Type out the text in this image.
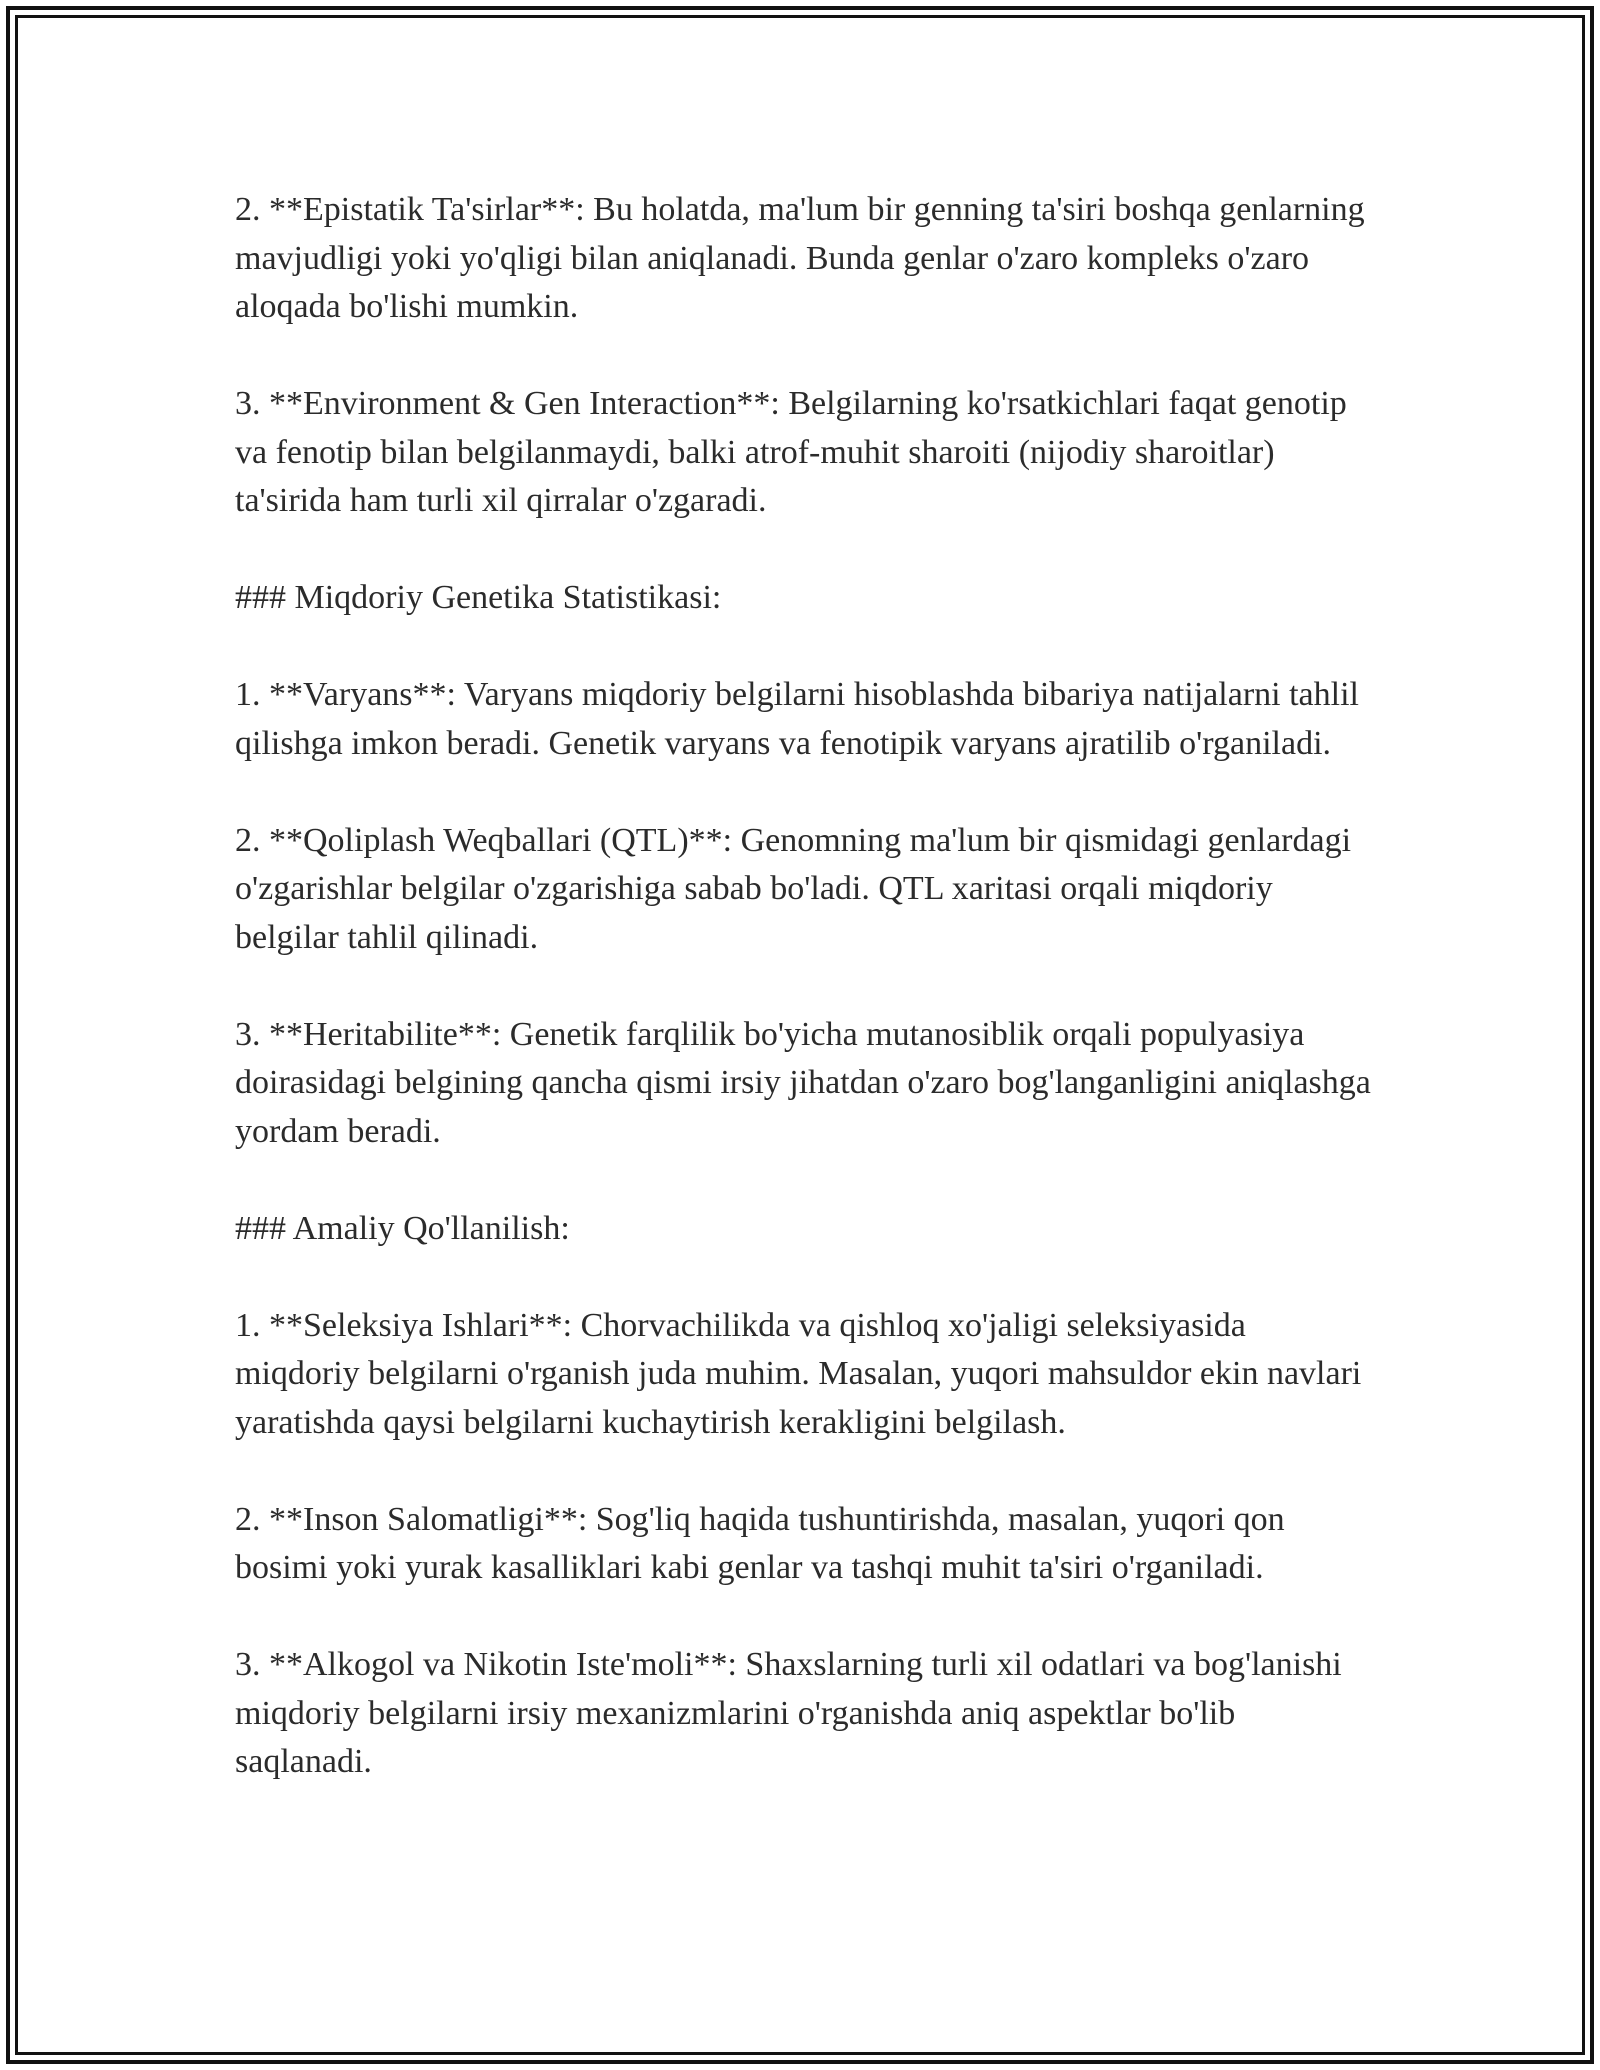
2. **Epistatik Ta'sirlar**: Bu holatda, ma'lum bir genning ta'siri boshqa genlarning mavjudligi yoki yo'qligi bilan aniqlanadi. Bunda genlar o'zaro kompleks o'zaro aloqada bo'lishi mumkin.

3. **Environment & Gen Interaction**: Belgilarning ko'rsatkichlari faqat genotip va fenotip bilan belgilanmaydi, balki atrof-muhit sharoiti (nijodiy sharoitlar) ta'sirida ham turli xil qirralar o'zgaradi.

### Miqdoriy Genetika Statistikasi:

1. **Varyans**: Varyans miqdoriy belgilarni hisoblashda bibariya natijalarni tahlil qilishga imkon beradi. Genetik varyans va fenotipik varyans ajratilib o'rganiladi.

2. **Qoliplash Weqballari (QTL)**: Genomning ma'lum bir qismidagi genlardagi o'zgarishlar belgilar o'zgarishiga sabab bo'ladi. QTL xaritasi orqali miqdoriy belgilar tahlil qilinadi.

3. **Heritabilite**: Genetik farqlilik bo'yicha mutanosiblik orqali populyasiya doirasidagi belgining qancha qismi irsiy jihatdan o'zaro bog'langanligini aniqlashga yordam beradi.

### Amaliy Qo'llanilish:

1. **Seleksiya Ishlari**: Chorvachilikda va qishloq xo'jaligi seleksiyasida miqdoriy belgilarni o'rganish juda muhim. Masalan, yuqori mahsuldor ekin navlari yaratishda qaysi belgilarni kuchaytirish kerakligini belgilash.

2. **Inson Salomatligi**: Sog'liq haqida tushuntirishda, masalan, yuqori qon bosimi yoki yurak kasalliklari kabi genlar va tashqi muhit ta'siri o'rganiladi.

3. **Alkogol va Nikotin Iste'moli**: Shaxslarning turli xil odatlari va bog'lanishi miqdoriy belgilarni irsiy mexanizmlarini o'rganishda aniq aspektlar bo'lib saqlanadi.
